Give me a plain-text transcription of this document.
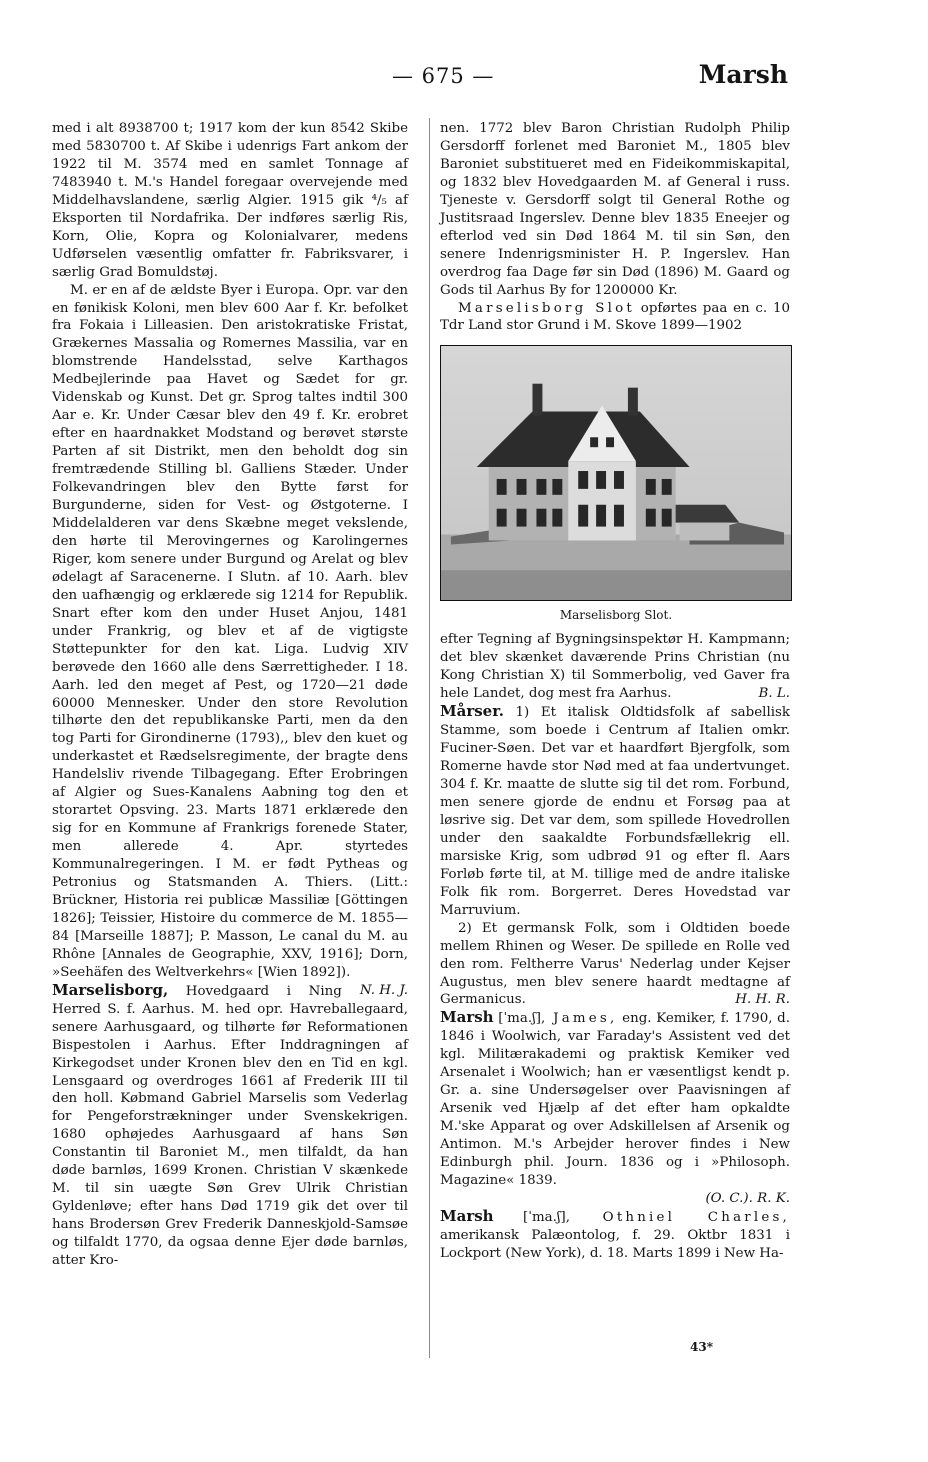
— 675 —	Marsh

med i alt 8938700 t; 1917 kom der kun 8542 Skibe med 5830700 t. Af Skibe i udenrigs Fart ankom der 1922 til M. 3574 med en samlet Tonnage af 7483940 t. M.'s Handel foregaar overvejende med Middelhavslandene, særlig Algier. 1915 gik ⁴/₅ af Eksporten til Nordafrika. Der indføres særlig Ris, Korn, Olie, Kopra og Kolonialvarer, medens Udførselen væsentlig omfatter fr. Fabriksvarer, i særlig Grad Bomuldstøj.

M. er en af de ældste Byer i Europa. Opr. var den en fønikisk Koloni, men blev 600 Aar f. Kr. befolket fra Fokaia i Lilleasien. Den aristokratiske Fristat, Grækernes Massalia og Romernes Massilia, var en blomstrende Handelsstad, selve Karthagos Medbejlerinde paa Havet og Sædet for gr. Videnskab og Kunst. Det gr. Sprog taltes indtil 300 Aar e. Kr. Under Cæsar blev den 49 f. Kr. erobret efter en haardnakket Modstand og berøvet største Parten af sit Distrikt, men den beholdt dog sin fremtrædende Stilling bl. Galliens Stæder. Under Folkevandringen blev den Bytte først for Burgunderne, siden for Vest- og Østgoterne. I Middelalderen var dens Skæbne meget vekslende, den hørte til Merovingernes og Karolingernes Riger, kom senere under Burgund og Arelat og blev ødelagt af Saracenerne. I Slutn. af 10. Aarh. blev den uafhængig og erklærede sig 1214 for Republik. Snart efter kom den under Huset Anjou, 1481 under Frankrig, og blev et af de vigtigste Støttepunkter for den kat. Liga. Ludvig XIV berøvede den 1660 alle dens Særrettigheder. I 18. Aarh. led den meget af Pest, og 1720—21 døde 60000 Mennesker. Under den store Revolution tilhørte den det republikanske Parti, men da den tog Parti for Girondinerne (1793),, blev den kuet og underkastet et Rædselsregimente, der bragte dens Handelsliv rivende Tilbagegang. Efter Erobringen af Algier og Sues-Kanalens Aabning tog den et storartet Opsving. 23. Marts 1871 erklærede den sig for en Kommune af Frankrigs forenede Stater, men allerede 4. Apr. styrtedes Kommunalregeringen. I M. er født Pytheas og Petronius og Statsmanden A. Thiers. (Litt.: Brückner, Historia rei publicæ Massiliæ [Göttingen 1826]; Teissier, Histoire du commerce de M. 1855—84 [Marseille 1887]; P. Masson, Le canal du M. au Rhône [Annales de Geographie, XXV, 1916]; Dorn, »Seehäfen des Weltverkehrs« [Wien 1892]).
N. H. J.

Marselisborg, Hovedgaard i Ning Herred S. f. Aarhus. M. hed opr. Havreballegaard, senere Aarhusgaard, og tilhørte før Reformationen Bispestolen i Aarhus. Efter Inddragningen af Kirkegodset under Kronen blev den en Tid en kgl. Lensgaard og overdroges 1661 af Frederik III til den holl. Købmand Gabriel Marselis som Vederlag for Pengeforstrækninger under Svenskekrigen. 1680 ophøjedes Aarhusgaard af hans Søn Constantin til Baroniet M., men tilfaldt, da han døde barnløs, 1699 Kronen. Christian V skænkede M. til sin uægte Søn Grev Ulrik Christian Gyldenløve; efter hans Død 1719 gik det over til hans Brodersøn Grev Frederik Danneskjold-Samsøe og tilfaldt 1770, da ogsaa denne Ejer døde barnløs, atter Kro-

nen. 1772 blev Baron Christian Rudolph Philip Gersdorff forlenet med Baroniet M., 1805 blev Baroniet substitueret med en Fideikommiskapital, og 1832 blev Hovedgaarden M. af General i russ. Tjeneste v. Gersdorff solgt til General Rothe og Justitsraad Ingerslev. Denne blev 1835 Eneejer og efterlod ved sin Død 1864 M. til sin Søn, den senere Indenrigsminister H. P. Ingerslev. Han overdrog faa Dage før sin Død (1896) M. Gaard og Gods til Aarhus By for 1200000 Kr.

Marselisborg Slot opførtes paa en c. 10 Tdr Land stor Grund i M. Skove 1899—1902

Marselisborg Slot.

efter Tegning af Bygningsinspektør H. Kampmann; det blev skænket daværende Prins Christian (nu Kong Christian X) til Sommerbolig, ved Gaver fra hele Landet, dog mest fra Aarhus.	B. L.

Mårser. 1) Et italisk Oldtidsfolk af sabellisk Stamme, som boede i Centrum af Italien omkr. Fuciner-Søen. Det var et haardført Bjergfolk, som Romerne havde stor Nød med at faa undertvunget. 304 f. Kr. maatte de slutte sig til det rom. Forbund, men senere gjorde de endnu et Forsøg paa at løsrive sig. Det var dem, som spillede Hovedrollen under den saakaldte Forbundsfællekrig ell. marsiske Krig, som udbrød 91 og efter fl. Aars Forløb førte til, at M. tillige med de andre italiske Folk fik rom. Borgerret. Deres Hovedstad var Marruvium.

2) Et germansk Folk, som i Oldtiden boede mellem Rhinen og Weser. De spillede en Rolle ved den rom. Feltherre Varus' Nederlag under Kejser Augustus, men blev senere haardt medtagne af Germanicus.	H. H. R.

Marsh [ˈma.ʃ], James, eng. Kemiker, f. 1790, d. 1846 i Woolwich, var Faraday's Assistent ved det kgl. Militærakademi og praktisk Kemiker ved Arsenalet i Woolwich; han er væsentligst kendt p. Gr. a. sine Undersøgelser over Paavisningen af Arsenik ved Hjælp af det efter ham opkaldte M.'ske Apparat og over Adskillelsen af Arsenik og Antimon. M.'s Arbejder herover findes i New Edinburgh phil. Journ. 1836 og i »Philosoph. Magazine« 1839.

(O. C.). R. K.

Marsh [ˈma.ʃ], Othniel Charles, amerikansk Palæontolog, f. 29. Oktbr 1831 i Lockport (New York), d. 18. Marts 1899 i New Ha-

43*
